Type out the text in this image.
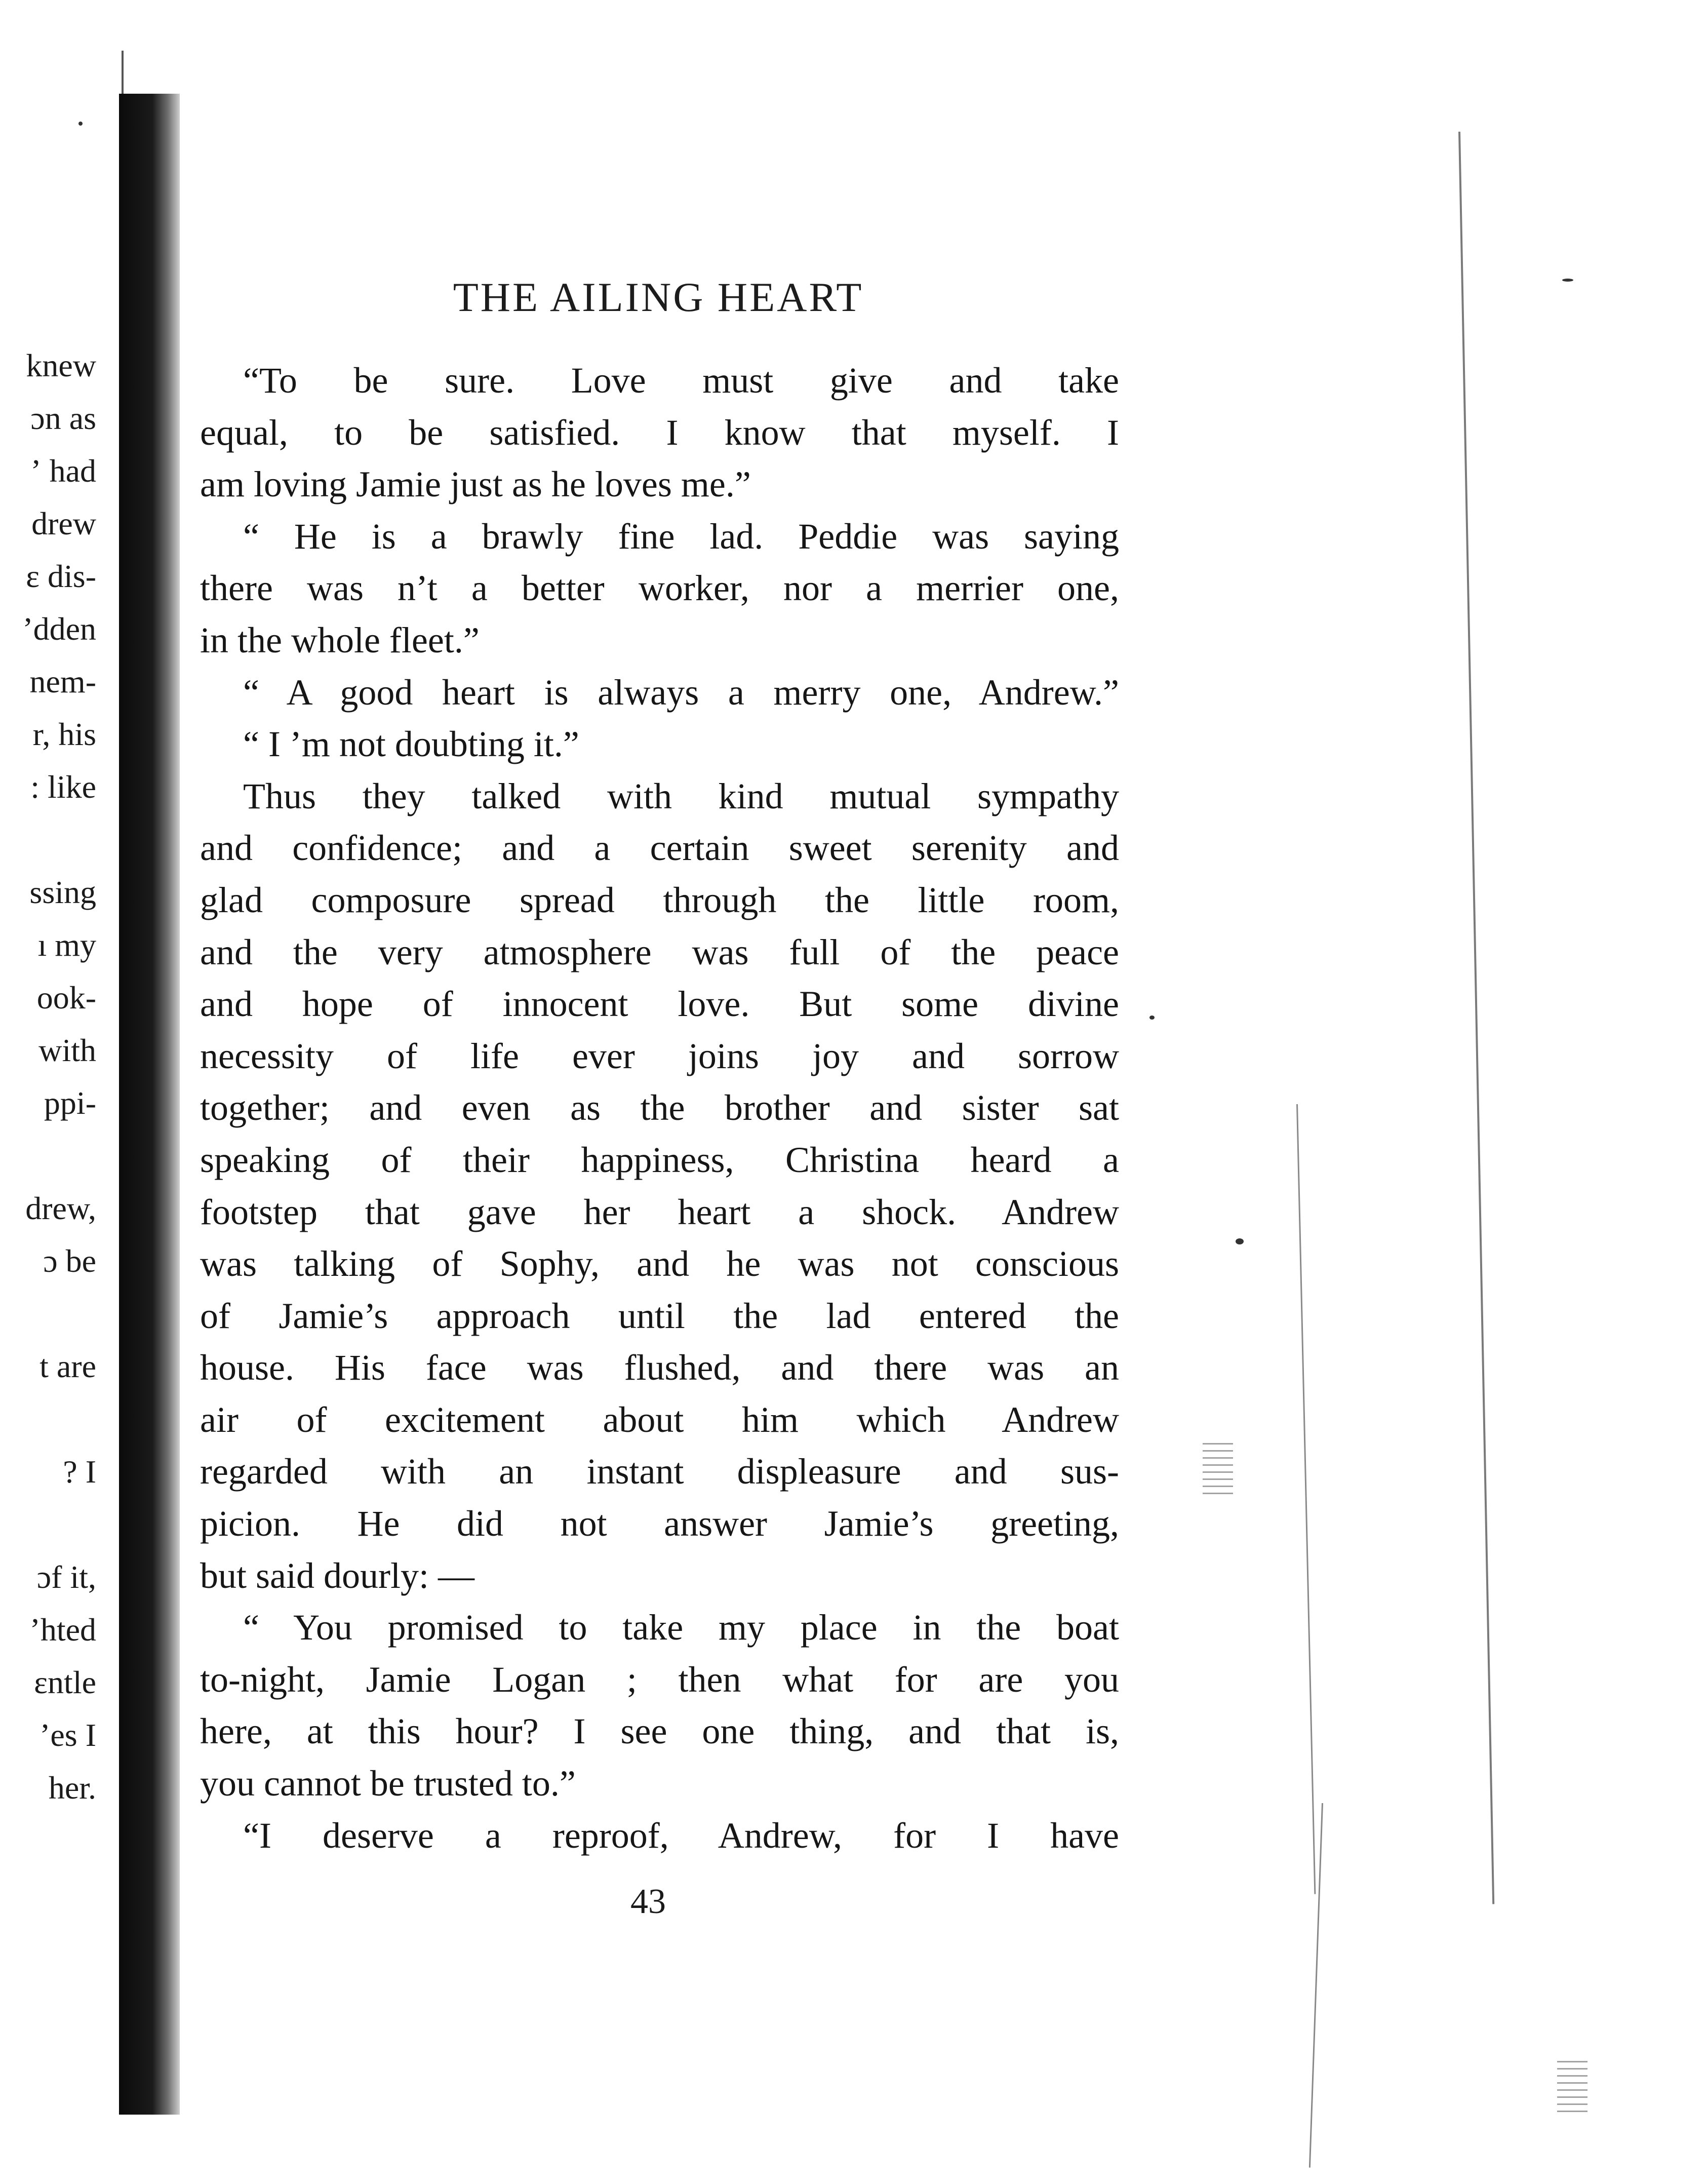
knew
ɔn as
ʼ had
drew
ɛ dis-
ʼdden
nem-
r, his
: like
ssing
ı my
ook-
with
ppi-
drew,
ɔ be
t are
? I
ɔf it,
ʼhted
ɛntle
ʼes I
her.
THE AILING HEART
“To be sure. Love must give and take
equal, to be satisfied. I know that myself. I
am loving Jamie just as he loves me.”
“ He is a brawly fine lad. Peddie was saying
there was n’t a better worker, nor a merrier one,
in the whole fleet.”
“ A good heart is always a merry one, Andrew.”
“ I ’m not doubting it.”
Thus they talked with kind mutual sympathy
and confidence; and a certain sweet serenity and
glad composure spread through the little room,
and the very atmosphere was full of the peace
and hope of innocent love. But some divine
necessity of life ever joins joy and sorrow
together; and even as the brother and sister sat
speaking of their happiness, Christina heard a
footstep that gave her heart a shock. Andrew
was talking of Sophy, and he was not conscious
of Jamie’s approach until the lad entered the
house. His face was flushed, and there was an
air of excitement about him which Andrew
regarded with an instant displeasure and sus-
picion. He did not answer Jamie’s greeting,
but said dourly: —
“ You promised to take my place in the boat
to-night, Jamie Logan ; then what for are you
here, at this hour? I see one thing, and that is,
you cannot be trusted to.”
“I deserve a reproof, Andrew, for I have
43
